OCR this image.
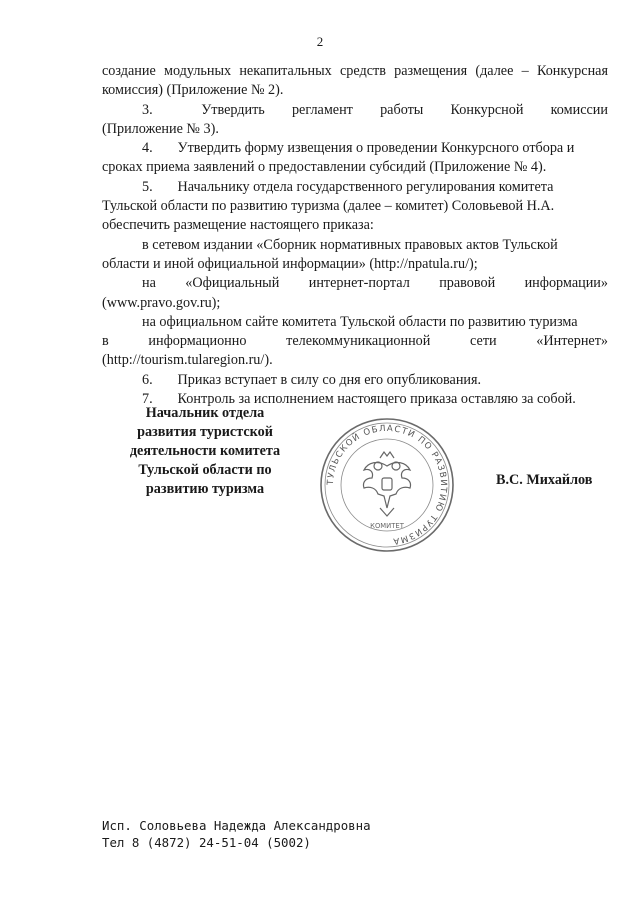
2
создание модульных некапитальных средств размещения (далее – Конкурсная
комиссия) (Приложение № 2).
3.	Утвердить регламент работы Конкурсной комиссии
(Приложение № 3).
4. Утвердить форму извещения о проведении Конкурсного отбора и
сроках приема заявлений о предоставлении субсидий (Приложение № 4).
5. Начальнику отдела государственного регулирования комитета
Тульской области по развитию туризма (далее – комитет) Соловьевой Н.А.
обеспечить размещение настоящего приказа:
в сетевом издании «Сборник нормативных правовых актов Тульской
области и иной официальной информации» (http://npatula.ru/);
на «Официальный интернет-портал правовой информации»
(www.pravo.gov.ru);
на официальном сайте комитета Тульской области по развитию туризма
в информационно телекоммуникационной сети «Интернет»
(http://tourism.tularegion.ru/).
6. Приказ вступает в силу со дня его опубликования.
7. Контроль за исполнением настоящего приказа оставляю за собой.
Начальник отдела
развития туристской
деятельности комитета
Тульской области по
развитию туризма	ТУЛЬСКОЙ ОБЛАСТИ ПО РАЗВИТИЮ ТУРИЗМА
КОМИТЕТ
В.С. Михайлов
Исп. Соловьева Надежда Александровна
Тел 8 (4872) 24-51-04 (5002)
